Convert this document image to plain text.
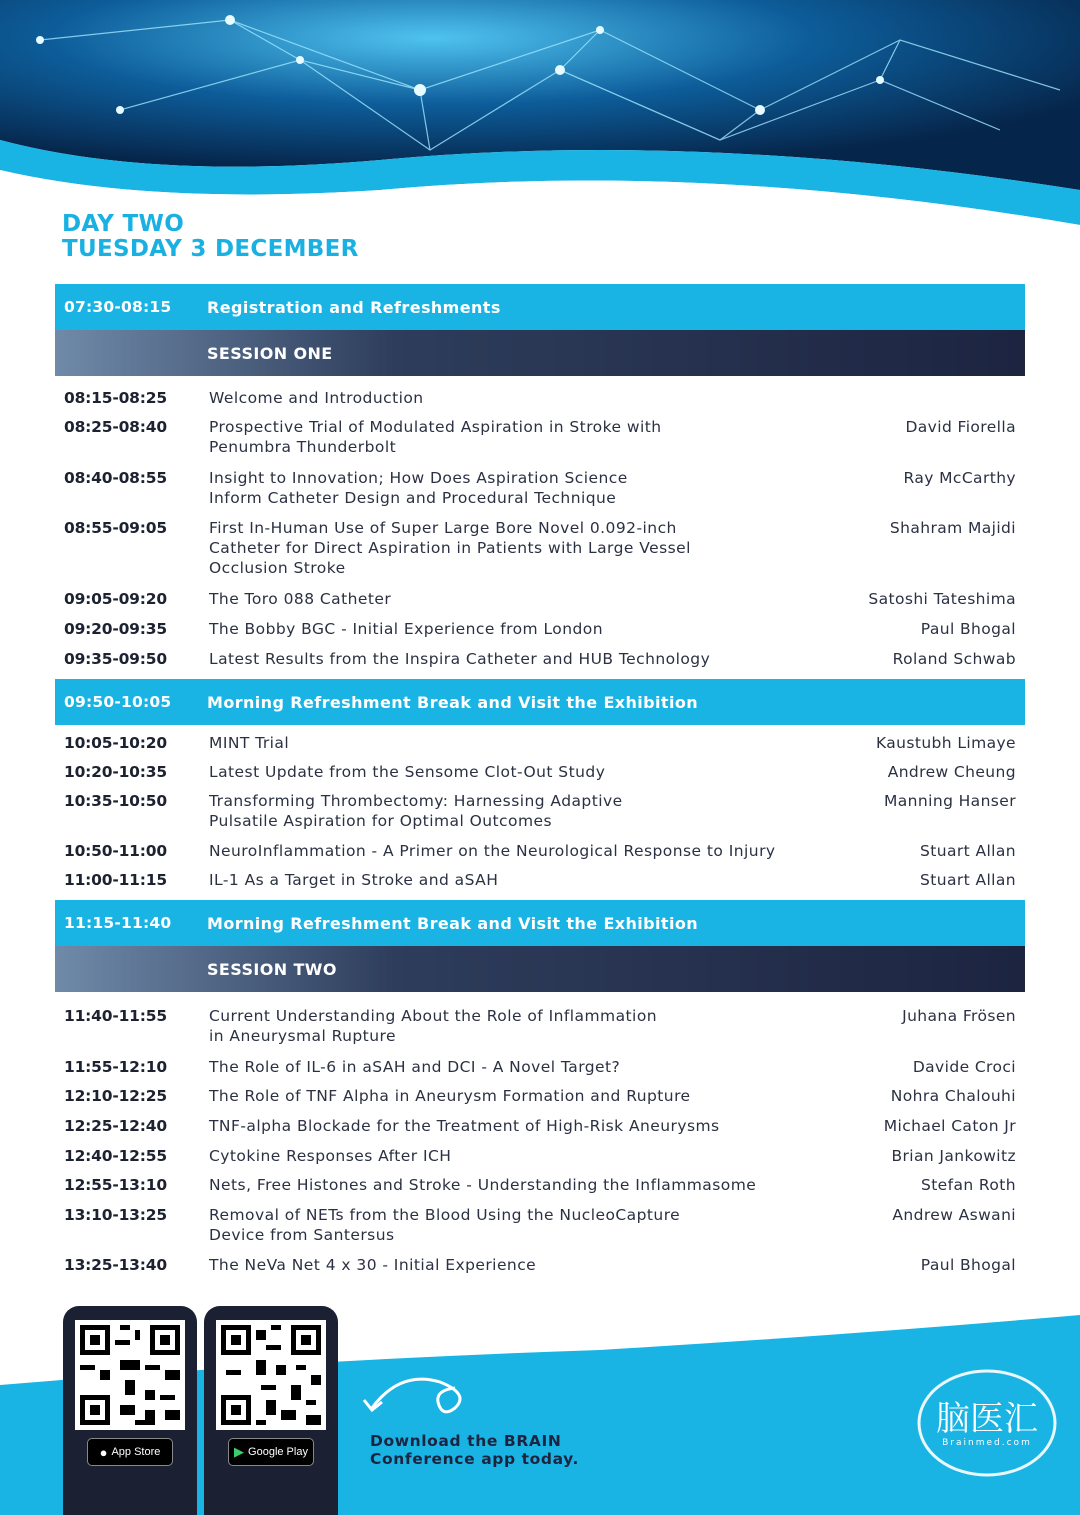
DAY TWO
TUESDAY 3 DECEMBER
07:30-08:15	Registration and Refreshments
SESSION ONE
08:15-08:25	Welcome and Introduction
08:25-08:40	Prospective Trial of Modulated Aspiration in Stroke with
Penumbra Thunderbolt
David Fiorella
08:40-08:55	Insight to Innovation; How Does Aspiration Science
Inform Catheter Design and Procedural Technique
Ray McCarthy
08:55-09:05	First In-Human Use of Super Large Bore Novel 0.092-inch
Catheter for Direct Aspiration in Patients with Large Vessel
Occlusion Stroke
Shahram Majidi
09:05-09:20	The Toro 088 Catheter	Satoshi Tateshima
09:20-09:35	The Bobby BGC - Initial Experience from London	Paul Bhogal
09:35-09:50	Latest Results from the Inspira Catheter and HUB Technology	Roland Schwab
09:50-10:05	Morning Refreshment Break and Visit the Exhibition
10:05-10:20	MINT Trial	Kaustubh Limaye
10:20-10:35	Latest Update from the Sensome Clot-Out Study	Andrew Cheung
10:35-10:50	Transforming Thrombectomy: Harnessing Adaptive
Pulsatile Aspiration for Optimal Outcomes
Manning Hanser
10:50-11:00	NeuroInflammation - A Primer on the Neurological Response to Injury	Stuart Allan
11:00-11:15	IL-1 As a Target in Stroke and aSAH	Stuart Allan
11:15-11:40	Morning Refreshment Break and Visit the Exhibition
SESSION TWO
11:40-11:55	Current Understanding About the Role of Inflammation
in Aneurysmal Rupture
Juhana Frösen
11:55-12:10	The Role of IL-6 in aSAH and DCI - A Novel Target?	Davide Croci
12:10-12:25	The Role of TNF Alpha in Aneurysm Formation and Rupture	Nohra Chalouhi
12:25-12:40	TNF-alpha Blockade for the Treatment of High-Risk Aneurysms	Michael Caton Jr
12:40-12:55	Cytokine Responses After ICH	Brian Jankowitz
12:55-13:10	Nets, Free Histones and Stroke - Understanding the Inflammasome	Stefan Roth
13:10-13:25	Removal of NETs from the Blood Using the NucleoCapture
Device from Santersus
Andrew Aswani
13:25-13:40	The NeVa Net 4 x 30 - Initial Experience	Paul Bhogal
● App Store	▶ Google Play
Download the BRAIN
Conference app today.
脑医汇
Brainmed.com
